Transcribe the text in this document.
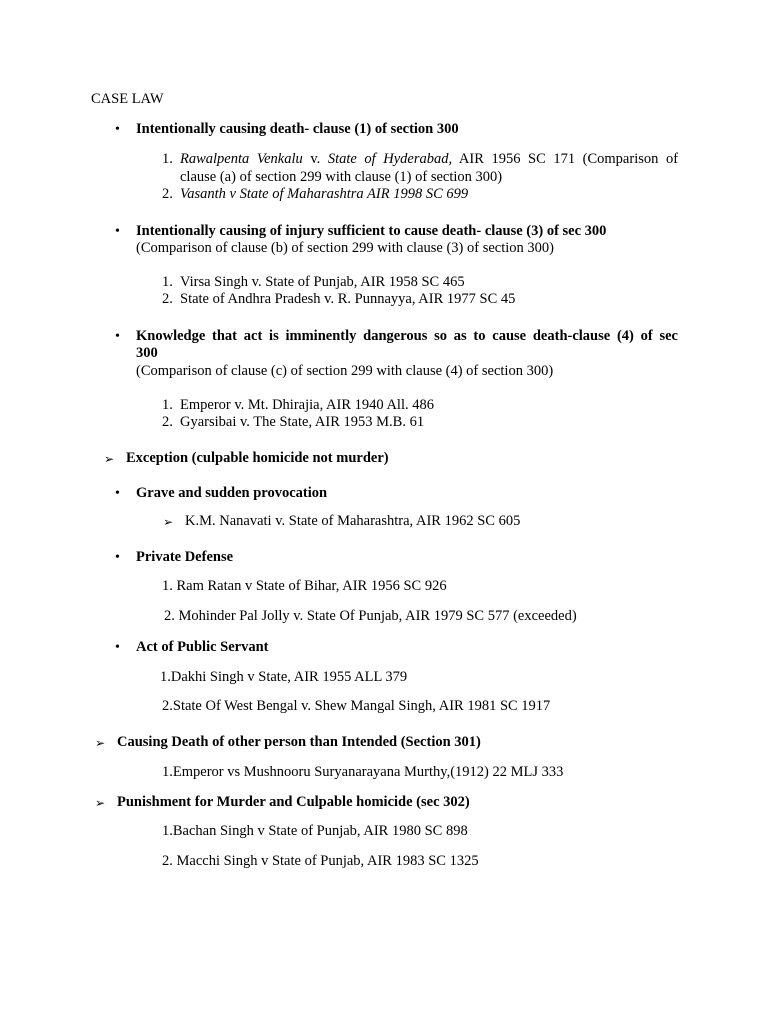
CASE LAW
• Intentionally causing death- clause (1) of section 300
1. Rawalpenta Venkalu v. State of Hyderabad, AIR 1956 SC 171 (Comparison of
clause (a) of section 299 with clause (1) of section 300)
2. Vasanth v State of Maharashtra AIR 1998 SC 699
• Intentionally causing of injury sufficient to cause death- clause (3) of sec 300
(Comparison of clause (b) of section 299 with clause (3) of section 300)
1. Virsa Singh v. State of Punjab, AIR 1958 SC 465
2. State of Andhra Pradesh v. R. Punnayya, AIR 1977 SC 45
• Knowledge that act is imminently dangerous so as to cause death-clause (4) of sec
300
(Comparison of clause (c) of section 299 with clause (4) of section 300)
1. Emperor v. Mt. Dhirajia, AIR 1940 All. 486
2. Gyarsibai v. The State, AIR 1953 M.B. 61
➢ Exception (culpable homicide not murder)
• Grave and sudden provocation
➢ K.M. Nanavati v. State of Maharashtra, AIR 1962 SC 605
• Private Defense
1. Ram Ratan v State of Bihar, AIR 1956 SC 926
2. Mohinder Pal Jolly v. State Of Punjab, AIR 1979 SC 577 (exceeded)
• Act of Public Servant
1.Dakhi Singh v State, AIR 1955 ALL 379
2.State Of West Bengal v. Shew Mangal Singh, AIR 1981 SC 1917
➢ Causing Death of other person than Intended (Section 301)
1.Emperor vs Mushnooru Suryanarayana Murthy,(1912) 22 MLJ 333
➢ Punishment for Murder and Culpable homicide (sec 302)
1.Bachan Singh v State of Punjab, AIR 1980 SC 898
2. Macchi Singh v State of Punjab, AIR 1983 SC 1325
